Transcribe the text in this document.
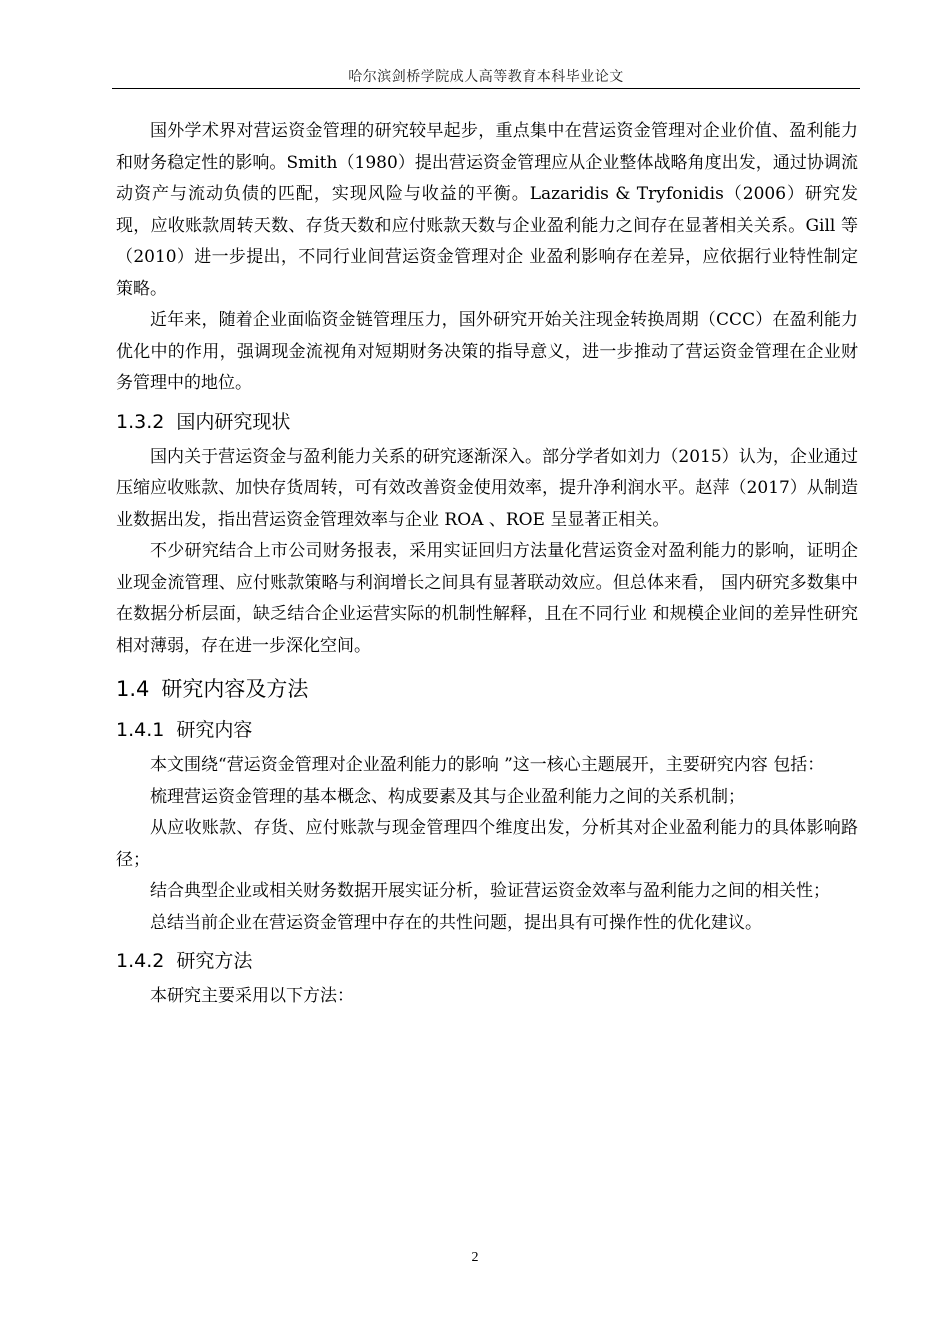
哈尔滨剑桥学院成人高等教育本科毕业论文

国外学术界对营运资金管理的研究较早起步，重点集中在营运资金管理对企业价值、盈利能力和财务稳定性的影响。Smith（1980）提出营运资金管理应从企业整体战略角度出发，通过协调流动资产与流动负债的匹配，实现风险与收益的平衡。Lazaridis & Tryfonidis（2006）研究发现，应收账款周转天数、存货天数和应付账款天数与企业盈利能力之间存在显著相关关系。Gill 等（2010）进一步提出，不同行业间营运资金管理对企 业盈利影响存在差异，应依据行业特性制定策略。

近年来，随着企业面临资金链管理压力，国外研究开始关注现金转换周期（CCC）在盈利能力优化中的作用，强调现金流视角对短期财务决策的指导意义，进一步推动了营运资金管理在企业财务管理中的地位。

1.3.2 国内研究现状

国内关于营运资金与盈利能力关系的研究逐渐深入。部分学者如刘力（2015）认为，企业通过压缩应收账款、加快存货周转，可有效改善资金使用效率，提升净利润水平。赵萍（2017）从制造业数据出发，指出营运资金管理效率与企业 ROA 、ROE 呈显著正相关。

不少研究结合上市公司财务报表，采用实证回归方法量化营运资金对盈利能力的影响，证明企业现金流管理、应付账款策略与利润增长之间具有显著联动效应。但总体来看， 国内研究多数集中在数据分析层面，缺乏结合企业运营实际的机制性解释，且在不同行业 和规模企业间的差异性研究相对薄弱，存在进一步深化空间。

1.4 研究内容及方法
1.4.1 研究内容

本文围绕“营运资金管理对企业盈利能力的影响 ”这一核心主题展开，主要研究内容 包括：

梳理营运资金管理的基本概念、构成要素及其与企业盈利能力之间的关系机制；

从应收账款、存货、应付账款与现金管理四个维度出发，分析其对企业盈利能力的具体影响路径；

结合典型企业或相关财务数据开展实证分析，验证营运资金效率与盈利能力之间的相关性；

总结当前企业在营运资金管理中存在的共性问题，提出具有可操作性的优化建议。

1.4.2 研究方法

本研究主要采用以下方法：

2
